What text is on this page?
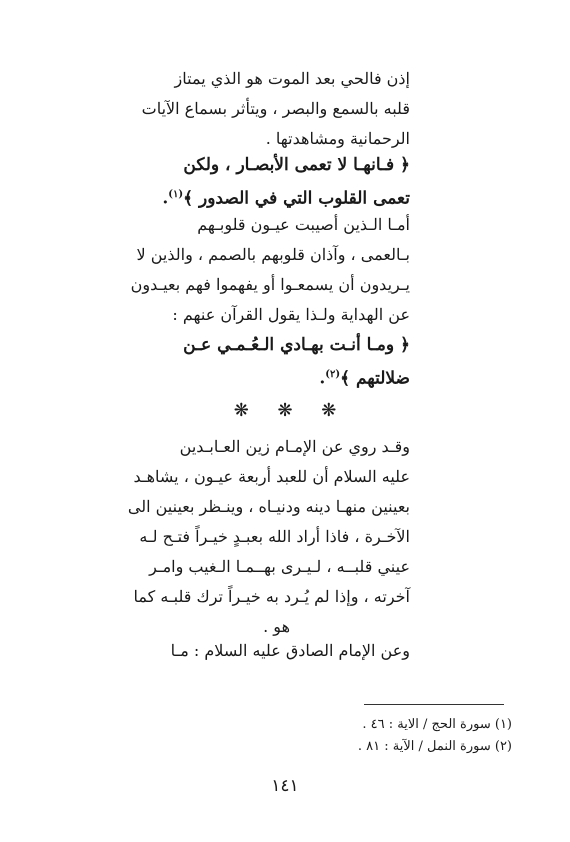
إذن فالحي بعد الموت هو الذي يمتاز
قلبه بالسمع والبصر ، ويتأثر بسماع الآيات
الرحمانية ومشاهدتها .
﴿ فـانهـا لا تعمى الأبصـار ، ولكن
تعمى القلوب التي في الصدور ﴾$^{(١)}$.
أمـا الـذين أصيبت عيـون قلوبـهم
بـالعمى ، وآذان قلوبهم بالصمم ، والذين لا
يـريدون أن يسمعـوا أو يفهموا فهم بعيـدون
عن الهداية ولـذا يقول القرآن عنهم :
﴿ ومـا أنـت بهـادي الـعُـمـي عـن
ضلالتهم ﴾$^{(٢)}$.
❋ ❋ ❋
وقـد روي عن الإمـام زين العـابـدين
عليه السلام أن للعبد أربعة عيـون ، يشاهـد
بعينين منهـا دينه ودنيـاه ، وينـظر بعينين الى
الآخـرة ، فاذا أراد الله بعبـدٍ خيـراً فتـح لـه
عيني قلبــه ، لـيـرى بهــمـا الـغيب وامـر
آخرته ، وإذا لم يُـرد به خيـراً ترك قلبـه كما
هو .
وعن الإمام الصادق عليه السلام : مـا
(١) سورة الحج / الاية : ٤٦ .
(٢) سورة النمل / الآية : ٨١ .
١٤١
